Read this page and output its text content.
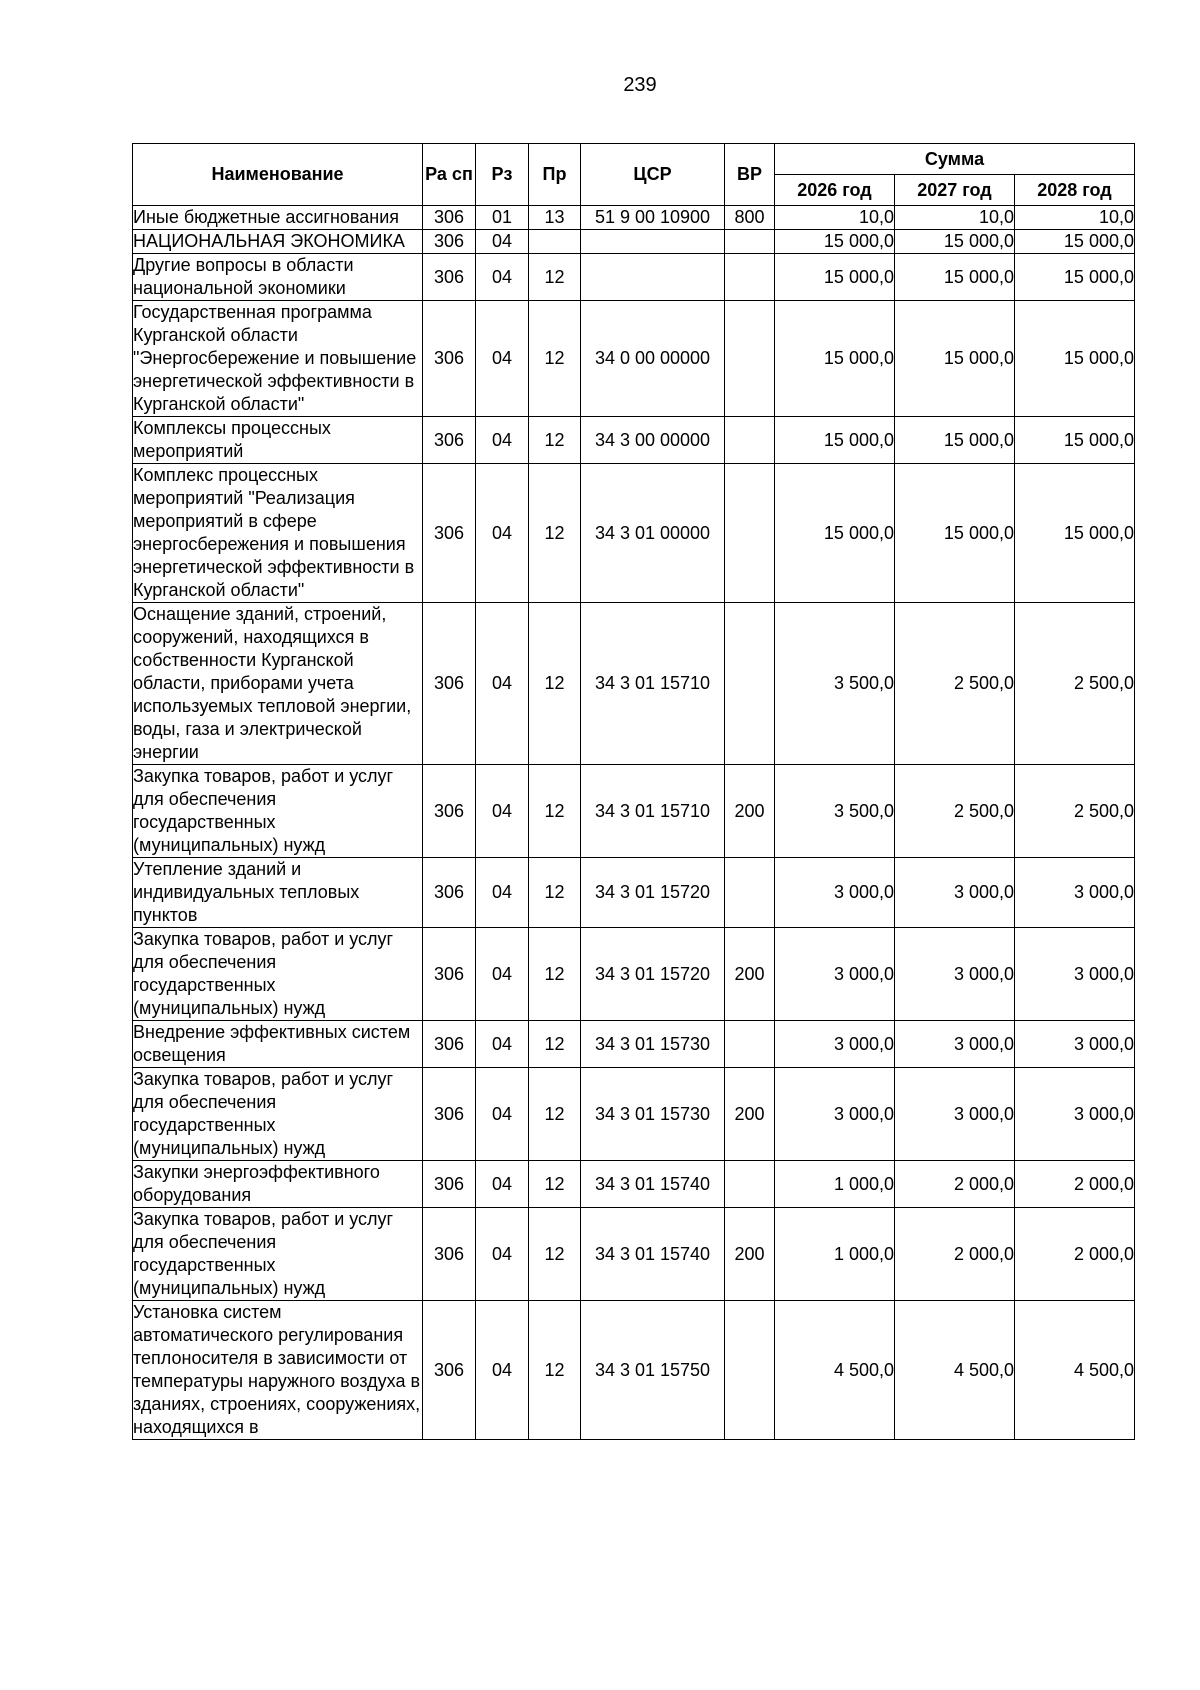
239
Наименование	Ра сп	Рз	Пр	ЦСР	ВР	Сумма		
						2026 год	2027 год	2028 год
Иные бюджетные ассигнования	306	01	13	51 9 00 10900	800	10,0	10,0	10,0
НАЦИОНАЛЬНАЯ ЭКОНОМИКА	306	04				15 000,0	15 000,0	15 000,0
Другие вопросы в области национальной экономики	306	04	12			15 000,0	15 000,0	15 000,0
Государственная программа Курганской области "Энергосбережение и повышение энергетической эффективности в Курганской области"	306	04	12	34 0 00 00000		15 000,0	15 000,0	15 000,0
Комплексы процессных мероприятий	306	04	12	34 3 00 00000		15 000,0	15 000,0	15 000,0
Комплекс процессных мероприятий "Реализация мероприятий в сфере энергосбережения и повышения энергетической эффективности в Курганской области"	306	04	12	34 3 01 00000		15 000,0	15 000,0	15 000,0
Оснащение зданий, строений, сооружений, находящихся в собственности Курганской области, приборами учета используемых тепловой энергии, воды, газа и электрической энергии	306	04	12	34 3 01 15710		3 500,0	2 500,0	2 500,0
Закупка товаров, работ и услуг для обеспечения государственных (муниципальных) нужд	306	04	12	34 3 01 15710	200	3 500,0	2 500,0	2 500,0
Утепление зданий и индивидуальных тепловых пунктов	306	04	12	34 3 01 15720		3 000,0	3 000,0	3 000,0
Закупка товаров, работ и услуг для обеспечения государственных (муниципальных) нужд	306	04	12	34 3 01 15720	200	3 000,0	3 000,0	3 000,0
Внедрение эффективных систем освещения	306	04	12	34 3 01 15730		3 000,0	3 000,0	3 000,0
Закупка товаров, работ и услуг для обеспечения государственных (муниципальных) нужд	306	04	12	34 3 01 15730	200	3 000,0	3 000,0	3 000,0
Закупки энергоэффективного оборудования	306	04	12	34 3 01 15740		1 000,0	2 000,0	2 000,0
Закупка товаров, работ и услуг для обеспечения государственных (муниципальных) нужд	306	04	12	34 3 01 15740	200	1 000,0	2 000,0	2 000,0
Установка систем автоматического регулирования теплоносителя в зависимости от температуры наружного воздуха в зданиях, строениях, сооружениях, находящихся в	306	04	12	34 3 01 15750		4 500,0	4 500,0	4 500,0
